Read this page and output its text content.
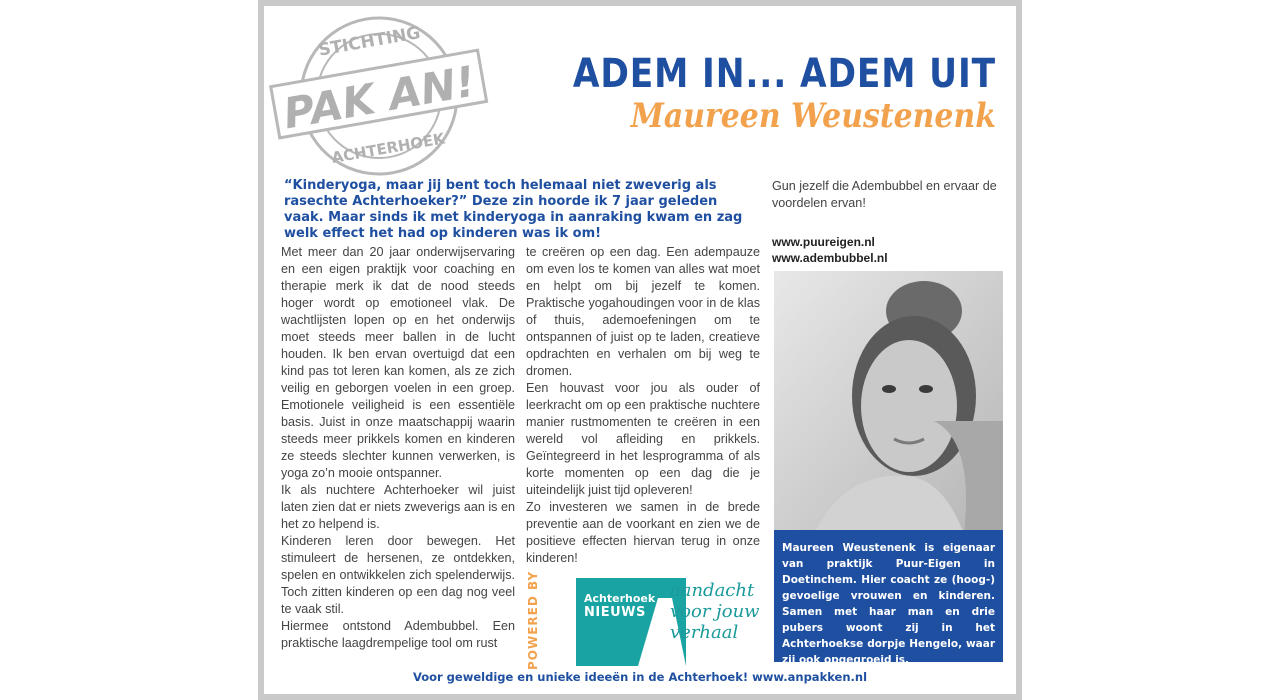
STICHTING
PAK AN!
ACHTERHOEK
ADEM IN... ADEM UIT
Maureen Weustenenk
“Kinderyoga, maar jij bent toch helemaal niet zweverig als rasechte Achterhoeker?” Deze zin hoorde ik 7 jaar geleden vaak. Maar sinds ik met kinderyoga in aanraking kwam en zag welk effect het had op kinderen was ik om!

Met meer dan 20 jaar onderwijservaring en een eigen praktijk voor coaching en therapie merk ik dat de nood steeds hoger wordt op emotioneel vlak. De wachtlijsten lopen op en het onderwijs moet steeds meer ballen in de lucht houden. Ik ben ervan overtuigd dat een kind pas tot leren kan komen, als ze zich veilig en geborgen voelen in een groep. Emotionele veiligheid is een essentiële basis. Juist in onze maatschappij waarin steeds meer prikkels komen en kinderen ze steeds slechter kunnen verwerken, is yoga zo’n mooie ontspanner.

Ik als nuchtere Achterhoeker wil juist laten zien dat er niets zweverigs aan is en het zo helpend is.

Kinderen leren door bewegen. Het stimuleert de hersenen, ze ontdekken, spelen en ontwikkelen zich spelenderwijs. Toch zitten kinderen op een dag nog veel te vaak stil.

Hiermee ontstond Adembubbel. Een praktische laagdrempelige tool om rust

te creëren op een dag. Een adempauze om even los te komen van alles wat moet en helpt om bij jezelf te komen. Praktische yogahoudingen voor in de klas of thuis, ademoefeningen om te ontspannen of juist op te laden, creatieve opdrachten en verhalen om bij weg te dromen.

Een houvast voor jou als ouder of leerkracht om op een praktische nuchtere manier rustmomenten te creëren in een wereld vol afleiding en prikkels. Geïntegreerd in het lesprogramma of als korte momenten op een dag die je uiteindelijk juist tijd opleveren!

Zo investeren we samen in de brede preventie aan de voorkant en zien we de positieve effecten hiervan terug in onze kinderen!

Gun jezelf die Adembubbel en ervaar de voordelen ervan!

www.puureigen.nl
www.adembubbel.nl
Maureen Weustenenk is eigenaar van praktijk Puur-Eigen in Doetinchem. Hier coacht ze (hoog-) gevoelige vrouwen en kinderen. Samen met haar man en drie pubers woont zij in het Achterhoekse dorpje Hengelo, waar zij ook opgegroeid is.
POWERED BY	Achterhoek
NIEUWS
aandacht voor jouw verhaal
Voor geweldige en unieke ideeën in de Achterhoek! www.anpakken.nl
